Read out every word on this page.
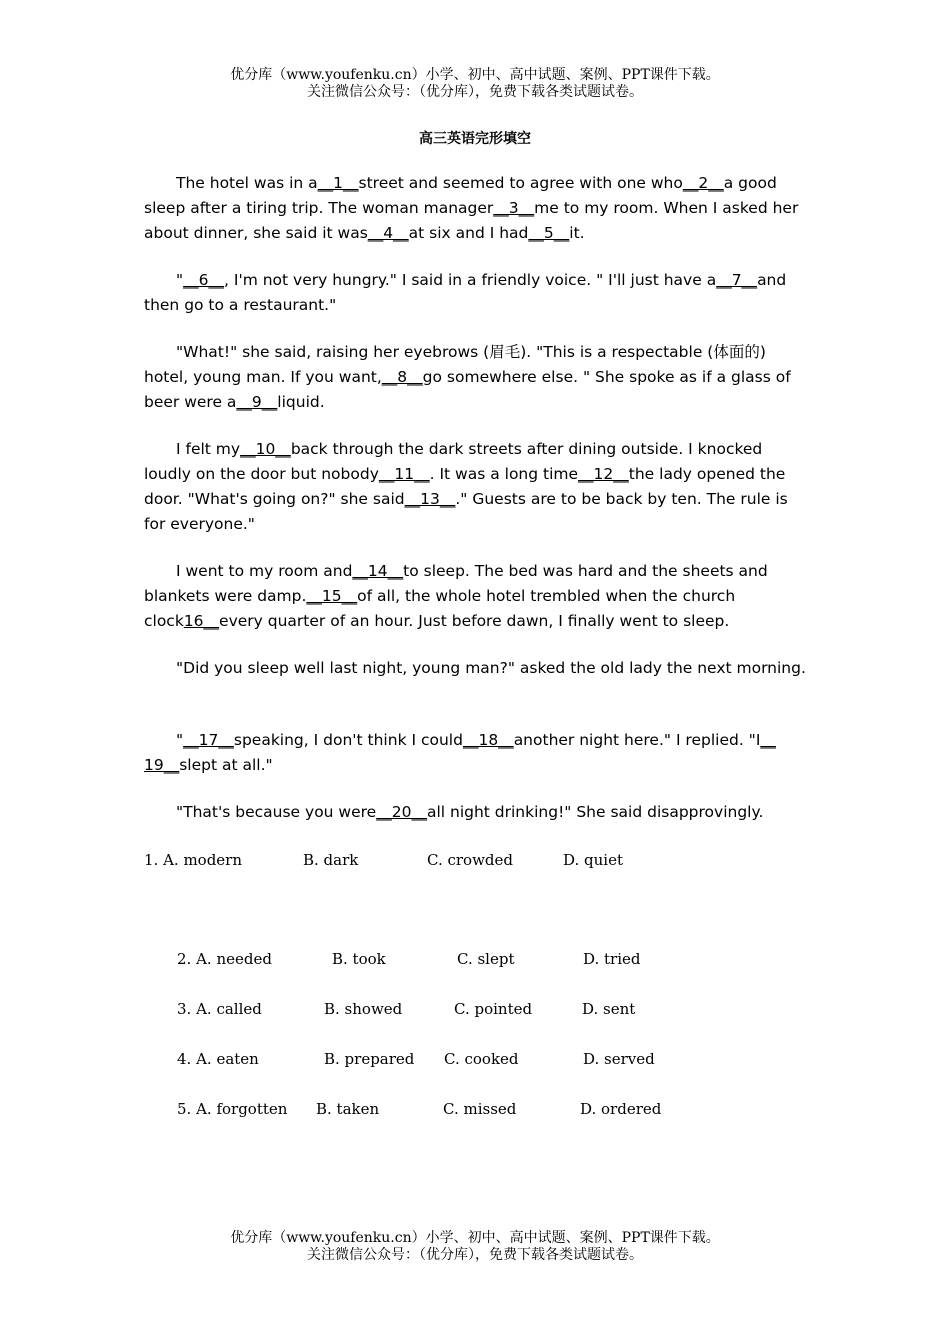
优分库（www.youfenku.cn）小学、初中、高中试题、案例、PPT课件下载。
关注微信公众号：（优分库），免费下载各类试题试卷。
高三英语完形填空

The hotel was in a__1__street and seemed to agree with one who__2__a good sleep after a tiring trip. The woman manager__3__me to my room. When I asked her about dinner, she said it was__4__at six and I had__5__it.

"__6__, I'm not very hungry." I said in a friendly voice. " I'll just have a__7__and then go to a restaurant."

"What!" she said, raising her eyebrows (眉毛). "This is a respectable (体面的) hotel, young man. If you want,__8__go somewhere else. " She spoke as if a glass of beer were a__9__liquid.

I felt my__10__back through the dark streets after dining outside. I knocked loudly on the door but nobody__11__. It was a long time__12__the lady opened the door. "What's going on?" she said__13__." Guests are to be back by ten. The rule is for everyone."

I went to my room and__14__to sleep. The bed was hard and the sheets and blankets were damp.__15__of all, the whole hotel trembled when the church clock16__every quarter of an hour. Just before dawn, I finally went to sleep.

"Did you sleep well last night, young man?" asked the old lady the next morning.

"__17__speaking, I don't think I could__18__another night here." I replied. "I__ 19__slept at all."

"That's because you were__20__all night drinking!" She said disapprovingly.

1. A. modern	B. dark	C. crowded	D. quiet
2. A. needed	B. took	C. slept	D. tried
3. A. called	B. showed	C. pointed	D. sent
4. A. eaten	B. prepared C. cooked	D. served
5. A. forgotten B. taken	C. missed	D. ordered
优分库（www.youfenku.cn）小学、初中、高中试题、案例、PPT课件下载。
关注微信公众号：（优分库），免费下载各类试题试卷。
